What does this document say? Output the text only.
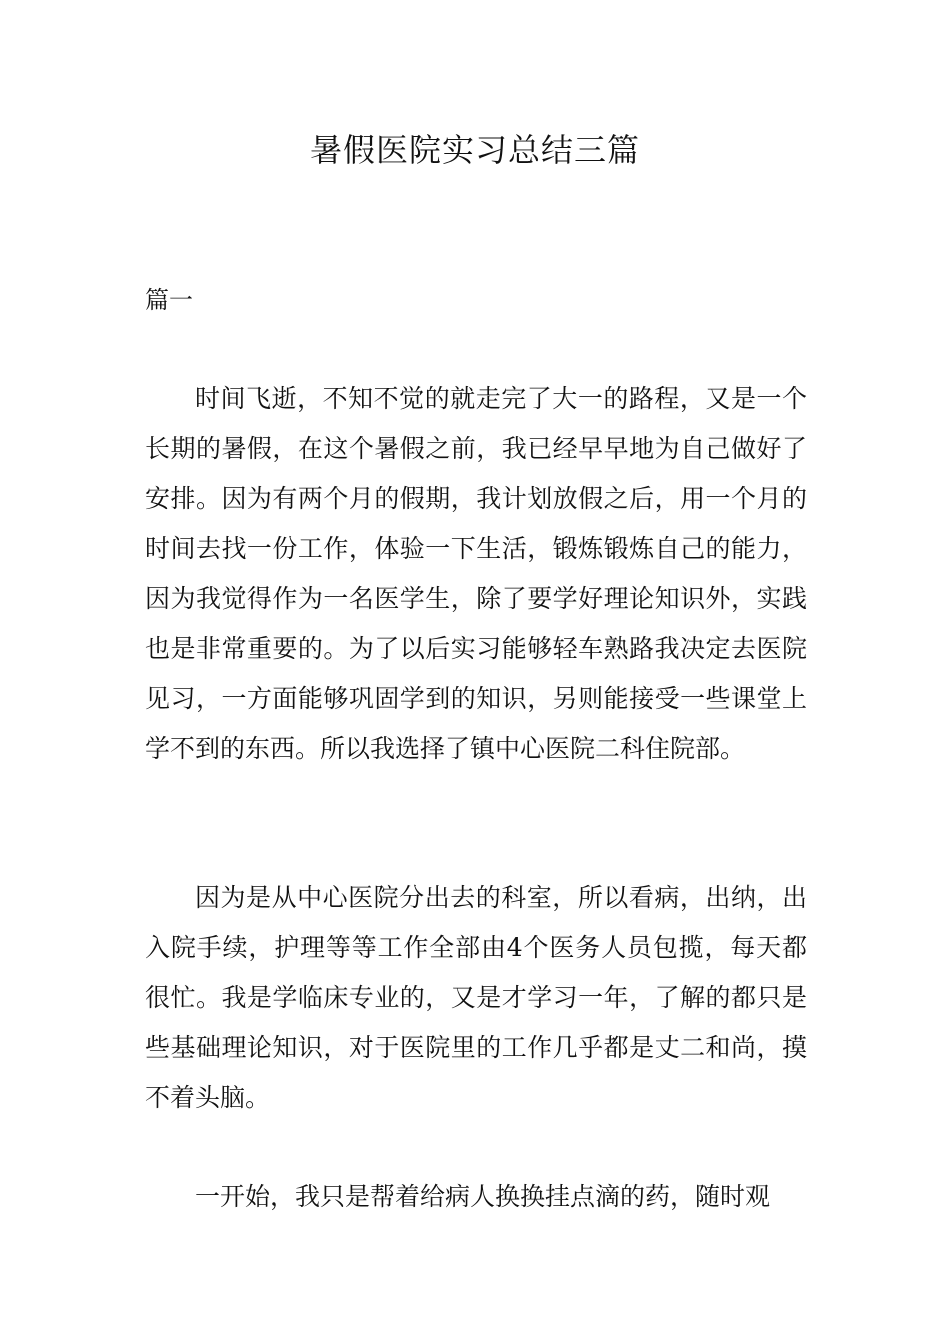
暑假医院实习总结三篇

篇一

时间飞逝，不知不觉的就走完了大一的路程，又是一个长期的暑假，在这个暑假之前，我已经早早地为自己做好了安排。因为有两个月的假期，我计划放假之后，用一个月的时间去找一份工作，体验一下生活，锻炼锻炼自己的能力，因为我觉得作为一名医学生，除了要学好理论知识外，实践也是非常重要的。为了以后实习能够轻车熟路我决定去医院见习，一方面能够巩固学到的知识，另则能接受一些课堂上学不到的东西。所以我选择了镇中心医院二科住院部。

因为是从中心医院分出去的科室，所以看病，出纳，出入院手续，护理等等工作全部由4个医务人员包揽，每天都很忙。我是学临床专业的，又是才学习一年，了解的都只是些基础理论知识，对于医院里的工作几乎都是丈二和尚，摸不着头脑。

一开始，我只是帮着给病人换换挂点滴的药，随时观
